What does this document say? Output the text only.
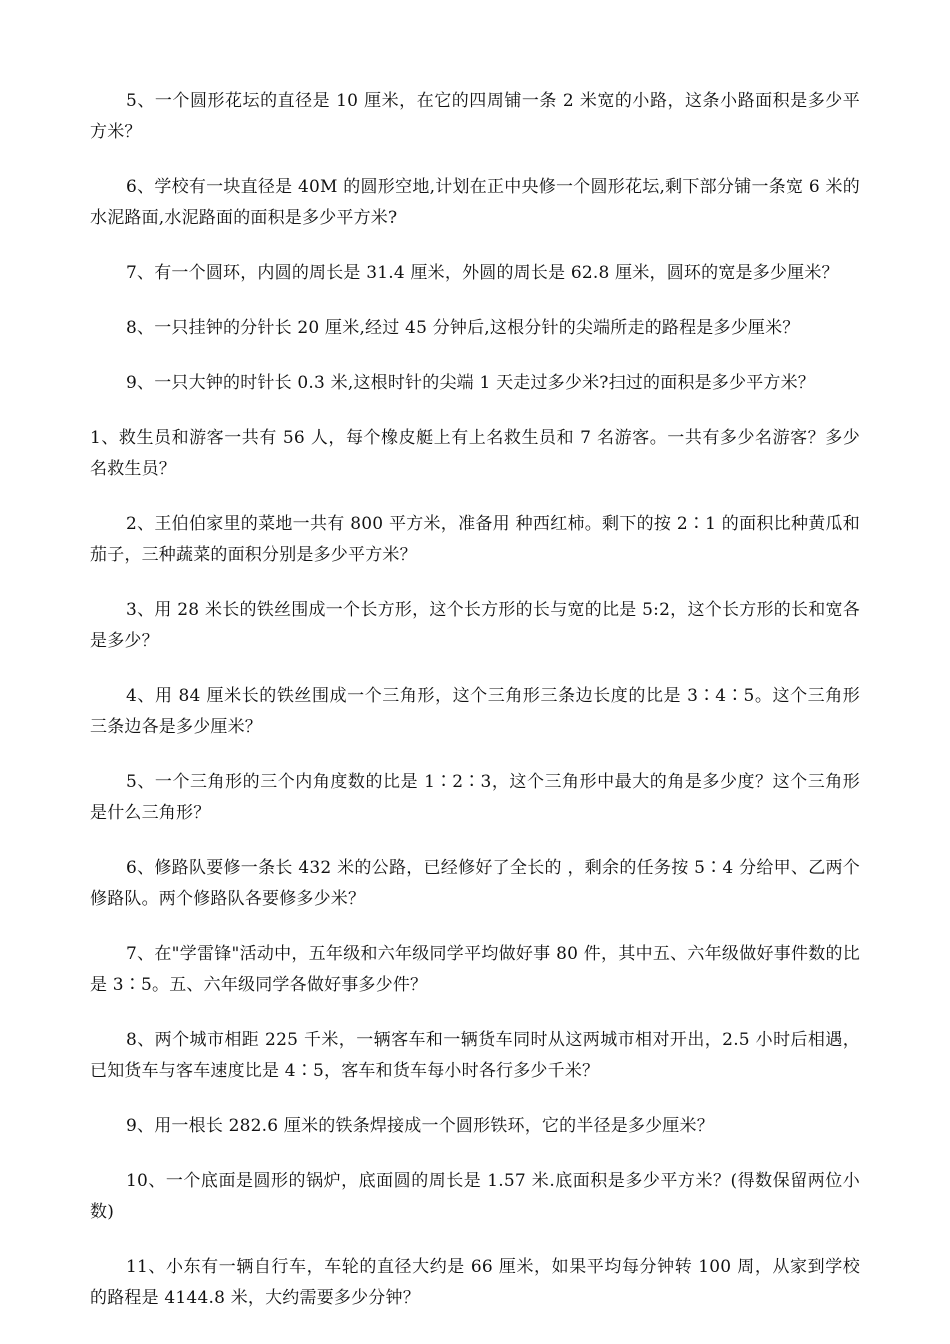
5、一个圆形花坛的直径是 10 厘米，在它的四周铺一条 2 米宽的小路，这条小路面积是多少平方米？

6、学校有一块直径是 40M 的圆形空地,计划在正中央修一个圆形花坛,剩下部分铺一条宽 6 米的水泥路面,水泥路面的面积是多少平方米?

7、有一个圆环，内圆的周长是 31.4 厘米，外圆的周长是 62.8 厘米，圆环的宽是多少厘米？

8、一只挂钟的分针长 20 厘米,经过 45 分钟后,这根分针的尖端所走的路程是多少厘米？

9、一只大钟的时针长 0.3 米,这根时针的尖端 1 天走过多少米?扫过的面积是多少平方米？

1、救生员和游客一共有 56 人，每个橡皮艇上有上名救生员和 7 名游客。一共有多少名游客？多少名救生员？

2、王伯伯家里的菜地一共有 800 平方米，准备用 种西红柿。剩下的按 2∶1 的面积比种黄瓜和茄子，三种蔬菜的面积分别是多少平方米？

3、用 28 米长的铁丝围成一个长方形，这个长方形的长与宽的比是 5:2，这个长方形的长和宽各是多少？

4、用 84 厘米长的铁丝围成一个三角形，这个三角形三条边长度的比是 3∶4∶5。这个三角形三条边各是多少厘米？

5、一个三角形的三个内角度数的比是 1∶2∶3，这个三角形中最大的角是多少度？这个三角形是什么三角形？

6、修路队要修一条长 432 米的公路，已经修好了全长的 ，剩余的任务按 5∶4 分给甲、乙两个修路队。两个修路队各要修多少米？

7、在"学雷锋"活动中，五年级和六年级同学平均做好事 80 件，其中五、六年级做好事件数的比是 3∶5。五、六年级同学各做好事多少件？

8、两个城市相距 225 千米，一辆客车和一辆货车同时从这两城市相对开出，2.5 小时后相遇，已知货车与客车速度比是 4∶5，客车和货车每小时各行多少千米？

9、用一根长 282.6 厘米的铁条焊接成一个圆形铁环，它的半径是多少厘米？

10、一个底面是圆形的锅炉，底面圆的周长是 1.57 米.底面积是多少平方米？(得数保留两位小数)

11、小东有一辆自行车，车轮的直径大约是 66 厘米，如果平均每分钟转 100 周，从家到学校的路程是 4144.8 米，大约需要多少分钟？
